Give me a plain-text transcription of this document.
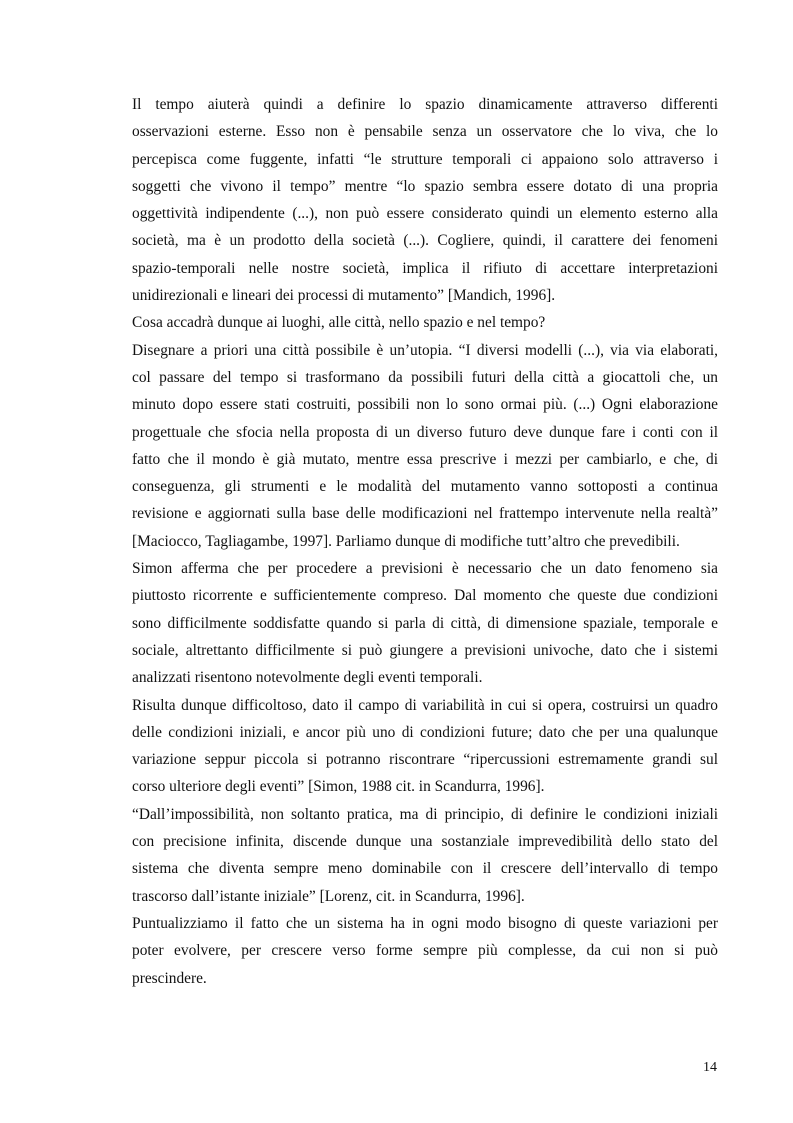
Il tempo aiuterà quindi a definire lo spazio dinamicamente attraverso differenti
osservazioni esterne. Esso non è pensabile senza un osservatore che lo viva, che lo
percepisca come fuggente, infatti “le strutture temporali ci appaiono solo attraverso i
soggetti che vivono il tempo” mentre “lo spazio sembra essere dotato di una propria
oggettività indipendente (...), non può essere considerato quindi un elemento esterno alla
società, ma è un prodotto della società (...). Cogliere, quindi, il carattere dei fenomeni
spazio-temporali nelle nostre società, implica il rifiuto di accettare interpretazioni
unidirezionali e lineari dei processi di mutamento” [Mandich, 1996].
Cosa accadrà dunque ai luoghi, alle città, nello spazio e nel tempo?
Disegnare a priori una città possibile è un’utopia. “I diversi modelli (...), via via elaborati,
col passare del tempo si trasformano da possibili futuri della città a giocattoli che, un
minuto dopo essere stati costruiti, possibili non lo sono ormai più. (...) Ogni elaborazione
progettuale che sfocia nella proposta di un diverso futuro deve dunque fare i conti con il
fatto che il mondo è già mutato, mentre essa prescrive i mezzi per cambiarlo, e che, di
conseguenza, gli strumenti e le modalità del mutamento vanno sottoposti a continua
revisione e aggiornati sulla base delle modificazioni nel frattempo intervenute nella realtà”
[Maciocco, Tagliagambe, 1997]. Parliamo dunque di modifiche tutt’altro che prevedibili.
Simon afferma che per procedere a previsioni è necessario che un dato fenomeno sia
piuttosto ricorrente e sufficientemente compreso. Dal momento che queste due condizioni
sono difficilmente soddisfatte quando si parla di città, di dimensione spaziale, temporale e
sociale, altrettanto difficilmente si può giungere a previsioni univoche, dato che i sistemi
analizzati risentono notevolmente degli eventi temporali.
Risulta dunque difficoltoso, dato il campo di variabilità in cui si opera, costruirsi un quadro
delle condizioni iniziali, e ancor più uno di condizioni future; dato che per una qualunque
variazione seppur piccola si potranno riscontrare “ripercussioni estremamente grandi sul
corso ulteriore degli eventi” [Simon, 1988 cit. in Scandurra, 1996].
“Dall’impossibilità, non soltanto pratica, ma di principio, di definire le condizioni iniziali
con precisione infinita, discende dunque una sostanziale imprevedibilità dello stato del
sistema che diventa sempre meno dominabile con il crescere dell’intervallo di tempo
trascorso dall’istante iniziale” [Lorenz, cit. in Scandurra, 1996].
Puntualizziamo il fatto che un sistema ha in ogni modo bisogno di queste variazioni per
poter evolvere, per crescere verso forme sempre più complesse, da cui non si può
prescindere.
14
